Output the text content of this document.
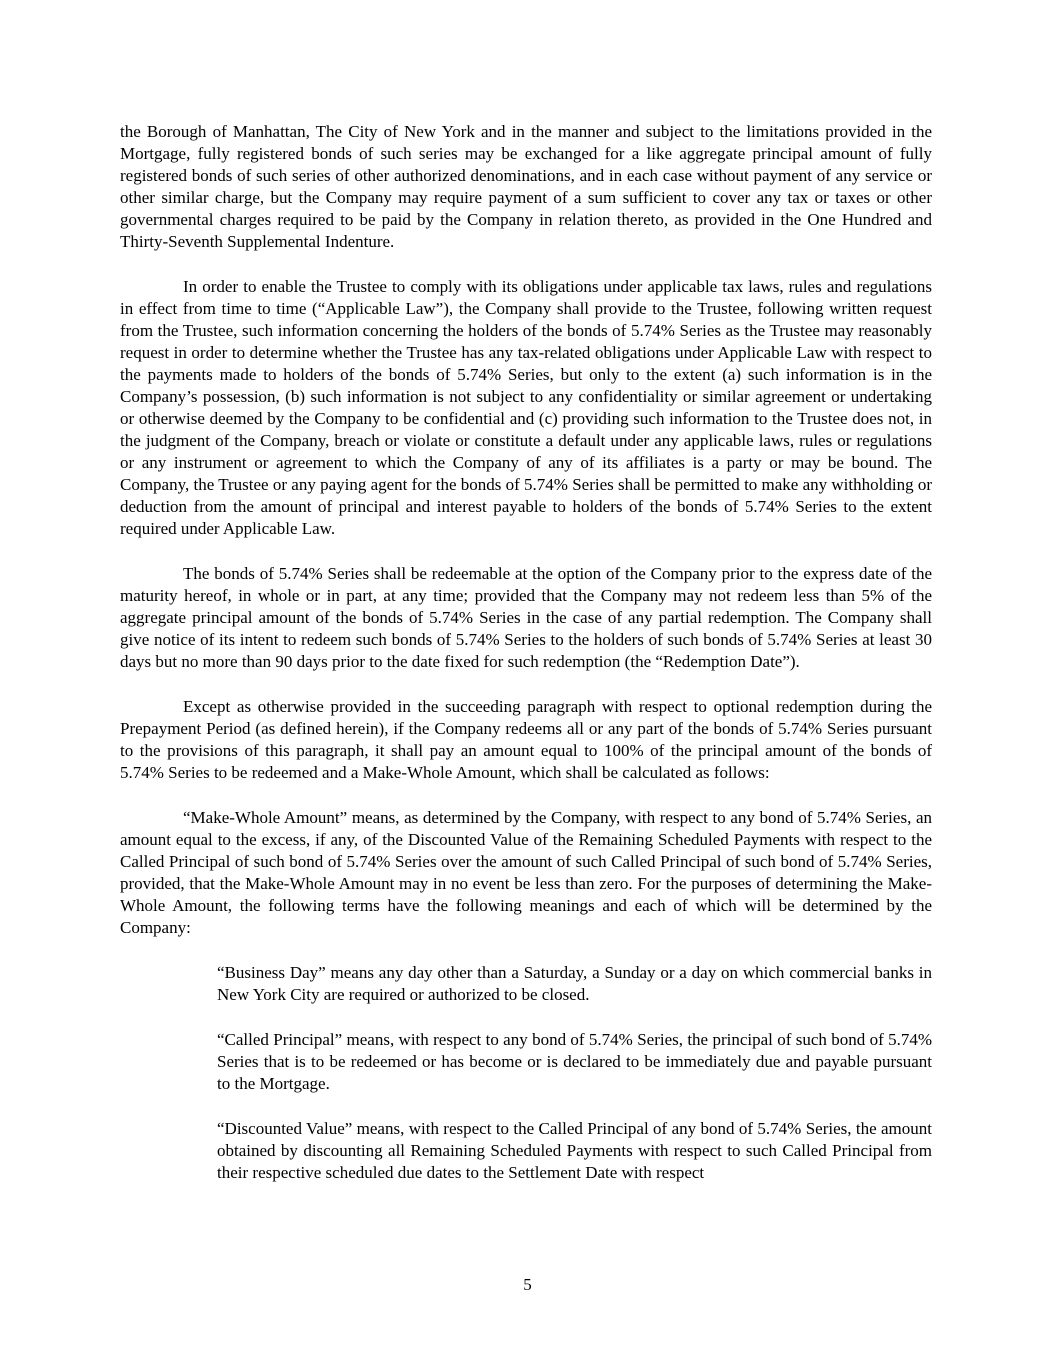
the Borough of Manhattan, The City of New York and in the manner and subject to the limitations provided in the Mortgage, fully registered bonds of such series may be exchanged for a like aggregate principal amount of fully registered bonds of such series of other authorized denominations, and in each case without payment of any service or other similar charge, but the Company may require payment of a sum sufficient to cover any tax or taxes or other governmental charges required to be paid by the Company in relation thereto, as provided in the One Hundred and Thirty-Seventh Supplemental Indenture.

In order to enable the Trustee to comply with its obligations under applicable tax laws, rules and regulations in effect from time to time (“Applicable Law”), the Company shall provide to the Trustee, following written request from the Trustee, such information concerning the holders of the bonds of 5.74% Series as the Trustee may reasonably request in order to determine whether the Trustee has any tax-related obligations under Applicable Law with respect to the payments made to holders of the bonds of 5.74% Series, but only to the extent (a) such information is in the Company’s possession, (b) such information is not subject to any confidentiality or similar agreement or undertaking or otherwise deemed by the Company to be confidential and (c) providing such information to the Trustee does not, in the judgment of the Company, breach or violate or constitute a default under any applicable laws, rules or regulations or any instrument or agreement to which the Company of any of its affiliates is a party or may be bound. The Company, the Trustee or any paying agent for the bonds of 5.74% Series shall be permitted to make any withholding or deduction from the amount of principal and interest payable to holders of the bonds of 5.74% Series to the extent required under Applicable Law.

The bonds of 5.74% Series shall be redeemable at the option of the Company prior to the express date of the maturity hereof, in whole or in part, at any time; provided that the Company may not redeem less than 5% of the aggregate principal amount of the bonds of 5.74% Series in the case of any partial redemption. The Company shall give notice of its intent to redeem such bonds of 5.74% Series to the holders of such bonds of 5.74% Series at least 30 days but no more than 90 days prior to the date fixed for such redemption (the “Redemption Date”).

Except as otherwise provided in the succeeding paragraph with respect to optional redemption during the Prepayment Period (as defined herein), if the Company redeems all or any part of the bonds of 5.74% Series pursuant to the provisions of this paragraph, it shall pay an amount equal to 100% of the principal amount of the bonds of 5.74% Series to be redeemed and a Make-Whole Amount, which shall be calculated as follows:

“Make-Whole Amount” means, as determined by the Company, with respect to any bond of 5.74% Series, an amount equal to the excess, if any, of the Discounted Value of the Remaining Scheduled Payments with respect to the Called Principal of such bond of 5.74% Series over the amount of such Called Principal of such bond of 5.74% Series, provided, that the Make-Whole Amount may in no event be less than zero. For the purposes of determining the Make-Whole Amount, the following terms have the following meanings and each of which will be determined by the Company:

“Business Day” means any day other than a Saturday, a Sunday or a day on which commercial banks in New York City are required or authorized to be closed.

“Called Principal” means, with respect to any bond of 5.74% Series, the principal of such bond of 5.74% Series that is to be redeemed or has become or is declared to be immediately due and payable pursuant to the Mortgage.

“Discounted Value” means, with respect to the Called Principal of any bond of 5.74% Series, the amount obtained by discounting all Remaining Scheduled Payments with respect to such Called Principal from their respective scheduled due dates to the Settlement Date with respect

5
